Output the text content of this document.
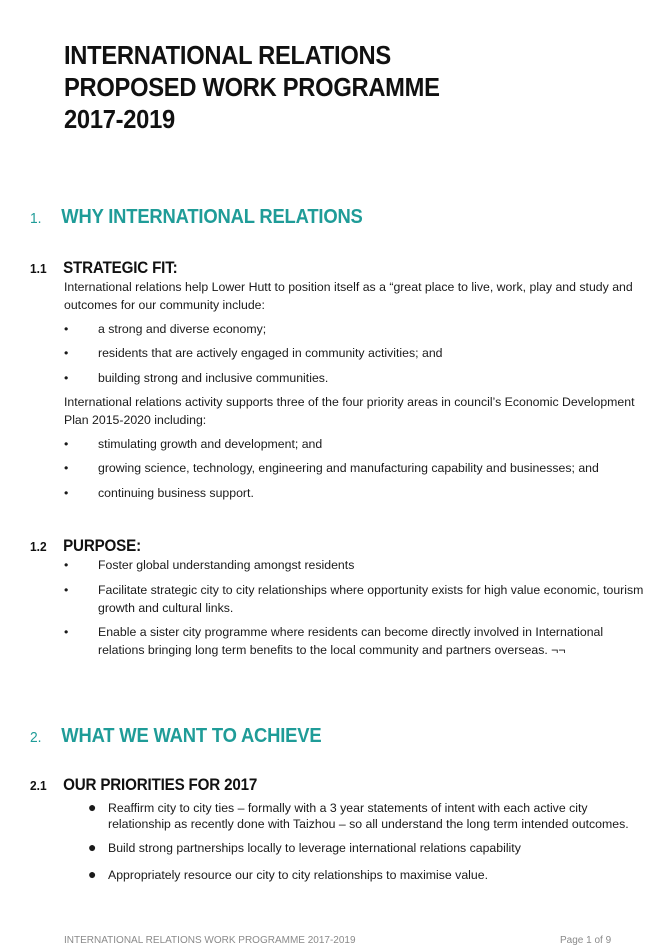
INTERNATIONAL RELATIONS
PROPOSED WORK PROGRAMME
2017-2019
1. WHY INTERNATIONAL RELATIONS
1.1 STRATEGIC FIT:

International relations help Lower Hutt to position itself as a “great place to live, work, play and study and outcomes for our community include:

• a strong and diverse economy;
• residents that are actively engaged in community activities; and
• building strong and inclusive communities.

International relations activity supports three of the four priority areas in council’s Economic Development Plan 2015-2020 including:

• stimulating growth and development; and
• growing science, technology, engineering and manufacturing capability and businesses; and
• continuing business support.
1.2 PURPOSE:
• Foster global understanding amongst residents
• Facilitate strategic city to city relationships where opportunity exists for high value economic, tourism growth and cultural links.
• Enable a sister city programme where residents can become directly involved in International relations bringing long term benefits to the local community and partners overseas. ¬¬
2. WHAT WE WANT TO ACHIEVE
2.1 OUR PRIORITIES FOR 2017
● Reaffirm city to city ties – formally with a 3 year statements of intent with each active city relationship as recently done with Taizhou – so all understand the long term intended outcomes.
● Build strong partnerships locally to leverage international relations capability
● Appropriately resource our city to city relationships to maximise value.

INTERNATIONAL RELATIONS WORK PROGRAMME 2017-2019	Page 1 of 9
